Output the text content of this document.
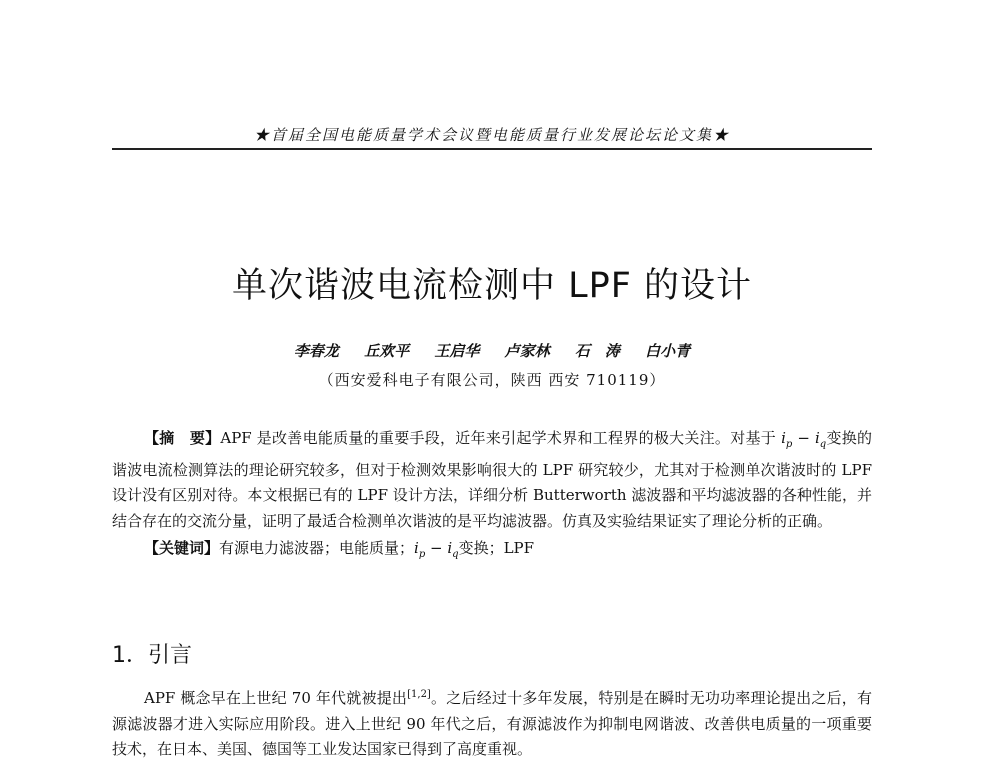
★首届全国电能质量学术会议暨电能质量行业发展论坛论文集★
单次谐波电流检测中 LPF 的设计
李春龙 丘欢平 王启华 卢家林 石　涛 白小青
（西安爱科电子有限公司，陕西 西安 710119）

【摘　要】APF 是改善电能质量的重要手段，近年来引起学术界和工程界的极大关注。对基于 $i_p - i_q$变换的谐波电流检测算法的理论研究较多，但对于检测效果影响很大的 LPF 研究较少，尤其对于检测单次谐波时的 LPF 设计没有区别对待。本文根据已有的 LPF 设计方法，详细分析 Butterworth 滤波器和平均滤波器的各种性能，并结合存在的交流分量，证明了最适合检测单次谐波的是平均滤波器。仿真及实验结果证实了理论分析的正确。

【关键词】有源电力滤波器；电能质量；$i_p - i_q$变换；LPF

1．引言

APF 概念早在上世纪 70 年代就被提出[1,2]。之后经过十多年发展，特别是在瞬时无功功率理论提出之后，有源滤波器才进入实际应用阶段。进入上世纪 90 年代之后，有源滤波作为抑制电网谐波、改善供电质量的一项重要技术，在日本、美国、德国等工业发达国家已得到了高度重视。
